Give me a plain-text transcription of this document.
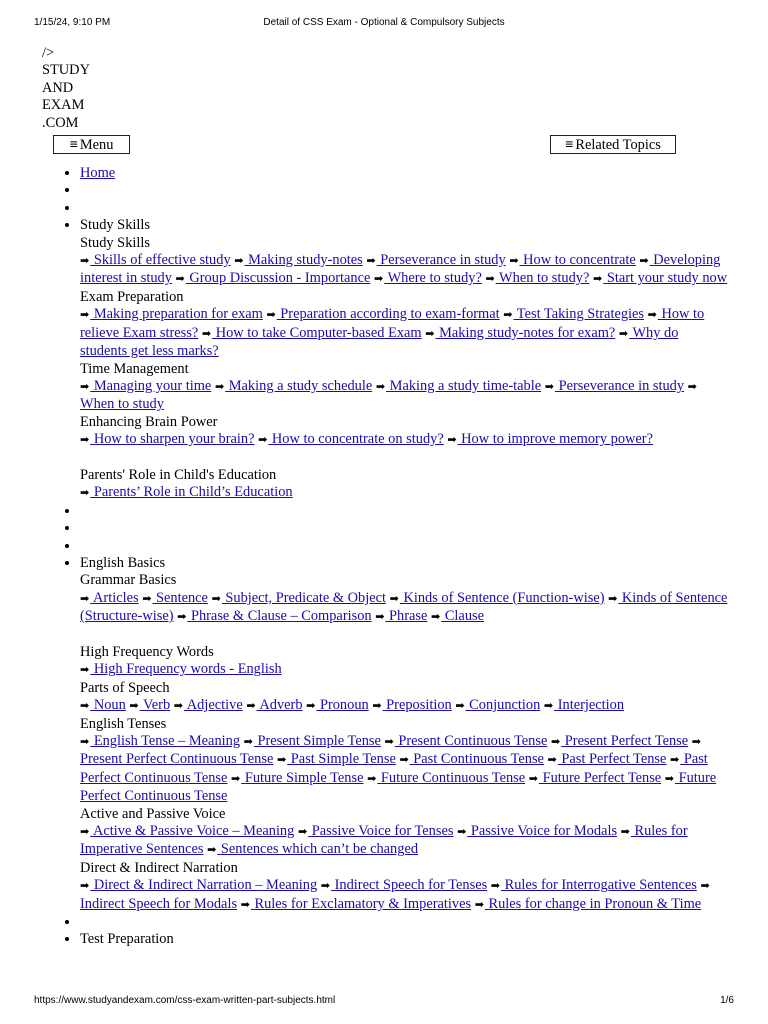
1/15/24, 9:10 PM	Detail of CSS Exam - Optional & Compulsory Subjects
/>
STUDY
AND
EXAM
.COM
≡ Menu	≡ Related Topics
• Home
•
•
• Study Skills
Study Skills
➡ Skills of effective study ➡ Making study-notes ➡ Perseverance in study ➡ How to concentrate ➡ Developing interest in study ➡ Group Discussion - Importance ➡ Where to study? ➡ When to study? ➡ Start your study now
Exam Preparation
➡ Making preparation for exam ➡ Preparation according to exam-format ➡ Test Taking Strategies ➡ How to relieve Exam stress? ➡ How to take Computer-based Exam ➡ Making study-notes for exam? ➡ Why do students get less marks?
Time Management
➡ Managing your time ➡ Making a study schedule ➡ Making a study time-table ➡ Perseverance in study ➡ When to study
Enhancing Brain Power
➡ How to sharpen your brain? ➡ How to concentrate on study? ➡ How to improve memory power?
Parents' Role in Child's Education
➡ Parents’ Role in Child’s Education
•
•
•
• English Basics
Grammar Basics
➡ Articles ➡ Sentence ➡ Subject, Predicate & Object ➡ Kinds of Sentence (Function-wise) ➡ Kinds of Sentence (Structure-wise) ➡ Phrase & Clause – Comparison ➡ Phrase ➡ Clause
High Frequency Words
➡ High Frequency words - English
Parts of Speech
➡ Noun ➡ Verb ➡ Adjective ➡ Adverb ➡ Pronoun ➡ Preposition ➡ Conjunction ➡ Interjection
English Tenses
➡ English Tense – Meaning ➡ Present Simple Tense ➡ Present Continuous Tense ➡ Present Perfect Tense ➡ Present Perfect Continuous Tense ➡ Past Simple Tense ➡ Past Continuous Tense ➡ Past Perfect Tense ➡ Past Perfect Continuous Tense ➡ Future Simple Tense ➡ Future Continuous Tense ➡ Future Perfect Tense ➡ Future Perfect Continuous Tense
Active and Passive Voice
➡ Active & Passive Voice – Meaning ➡ Passive Voice for Tenses ➡ Passive Voice for Modals ➡ Rules for Imperative Sentences ➡ Sentences which can’t be changed
Direct & Indirect Narration
➡ Direct & Indirect Narration – Meaning ➡ Indirect Speech for Tenses ➡ Rules for Interrogative Sentences ➡ Indirect Speech for Modals ➡ Rules for Exclamatory & Imperatives ➡ Rules for change in Pronoun & Time
•
• Test Preparation
https://www.studyandexam.com/css-exam-written-part-subjects.html	1/6
